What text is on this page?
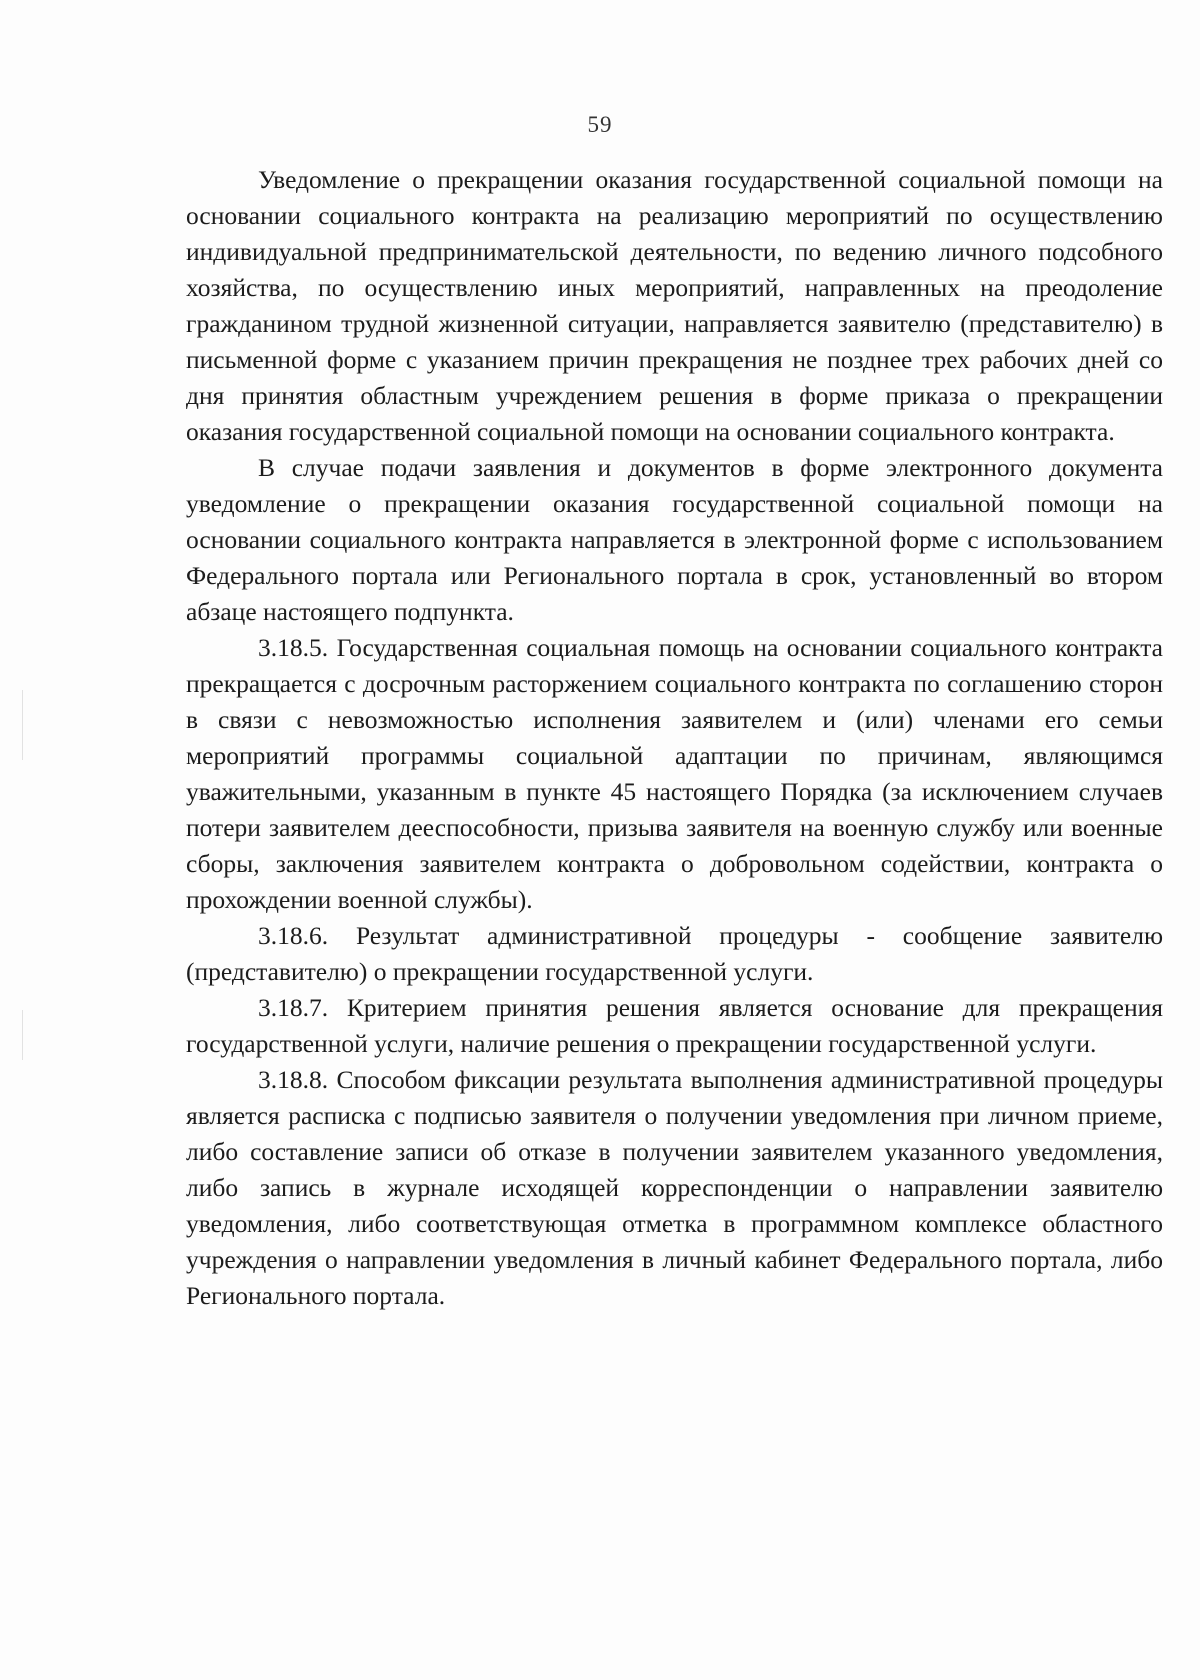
59

Уведомление о прекращении оказания государственной социальной помощи на основании социального контракта на реализацию мероприятий по осуществлению индивидуальной предпринимательской деятельности, по ведению личного подсобного хозяйства, по осуществлению иных мероприятий, направленных на преодоление гражданином трудной жизненной ситуации, направляется заявителю (представителю) в письменной форме с указанием причин прекращения не позднее трех рабочих дней со дня принятия областным учреждением решения в форме приказа о прекращении оказания государственной социальной помощи на основании социального контракта.

В случае подачи заявления и документов в форме электронного документа уведомление о прекращении оказания государственной социальной помощи на основании социального контракта направляется в электронной форме с использованием Федерального портала или Регионального портала в срок, установленный во втором абзаце настоящего подпункта.

3.18.5. Государственная социальная помощь на основании социального контракта прекращается с досрочным расторжением социального контракта по соглашению сторон в связи с невозможностью исполнения заявителем и (или) членами его семьи мероприятий программы социальной адаптации по причинам, являющимся уважительными, указанным в пункте 45 настоящего Порядка (за исключением случаев потери заявителем дееспособности, призыва заявителя на военную службу или военные сборы, заключения заявителем контракта о добровольном содействии, контракта о прохождении военной службы).

3.18.6. Результат административной процедуры - сообщение заявителю (представителю) о прекращении государственной услуги.

3.18.7. Критерием принятия решения является основание для прекращения государственной услуги, наличие решения о прекращении государственной услуги.

3.18.8. Способом фиксации результата выполнения административной процедуры является расписка с подписью заявителя о получении уведомления при личном приеме, либо составление записи об отказе в получении заявителем указанного уведомления, либо запись в журнале исходящей корреспонденции о направлении заявителю уведомления, либо соответствующая отметка в программном комплексе областного учреждения о направлении уведомления в личный кабинет Федерального портала, либо Регионального портала.
